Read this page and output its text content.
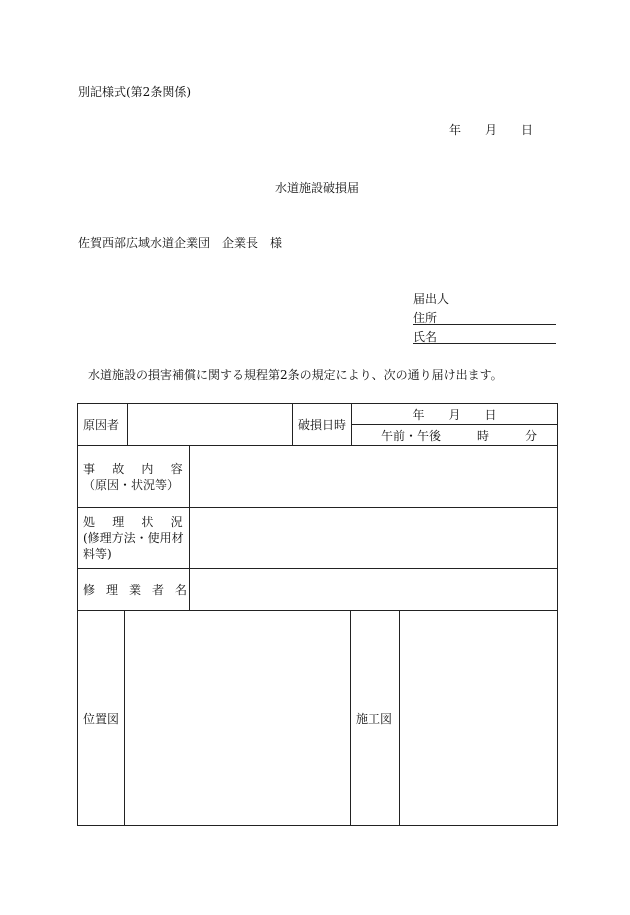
別記様式(第2条関係)
年　　月　　日
水道施設破損届
佐賀西部広域水道企業団　企業長　様
届出人
住所
氏名
水道施設の損害補償に関する規程第2条の規定により、次の通り届け出ます。
原因者	破損日時
年　　月　　日
午前・午後　　　時　　　分
事　故　内　容
（原因・状況等）
処　理　状　況
(修理方法・使用材
料等)
修　理　業　者　名
位置図	施工図
